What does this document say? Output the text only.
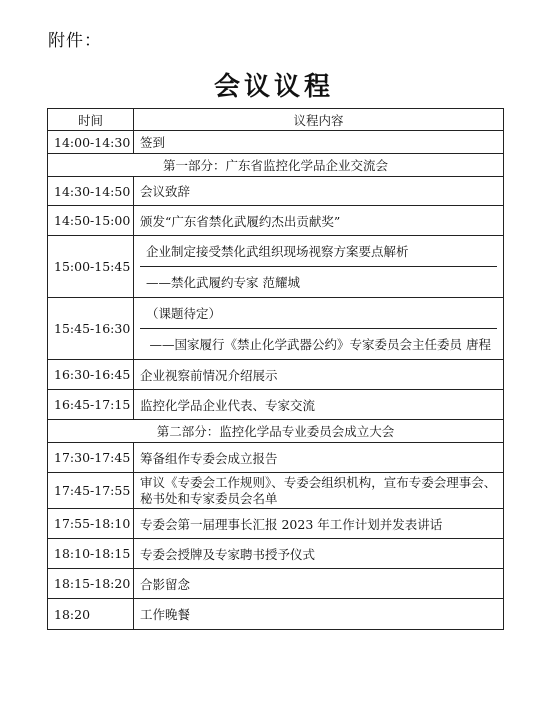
附件：
会议议程
时间	议程内容
14:00-14:30	签到
第一部分：广东省监控化学品企业交流会	
14:30-14:50	会议致辞
14:50-15:00	颁发“广东省禁化武履约杰出贡献奖”
15:00-15:45	企业制定接受禁化武组织现场视察方案要点解析
——禁化武履约专家 范耀城

15:45-16:30	（课题待定）
——国家履行《禁止化学武器公约》专家委员会主任委员 唐程

16:30-16:45	企业视察前情况介绍展示
16:45-17:15	监控化学品企业代表、专家交流
第二部分：监控化学品专业委员会成立大会	
17:30-17:45	筹备组作专委会成立报告
17:45-17:55	审议《专委会工作规则》、专委会组织机构，宣布专委会理事会、秘书处和专家委员会名单
17:55-18:10	专委会第一届理事长汇报 2023 年工作计划并发表讲话
18:10-18:15	专委会授牌及专家聘书授予仪式
18:15-18:20	合影留念
18:20	工作晚餐
